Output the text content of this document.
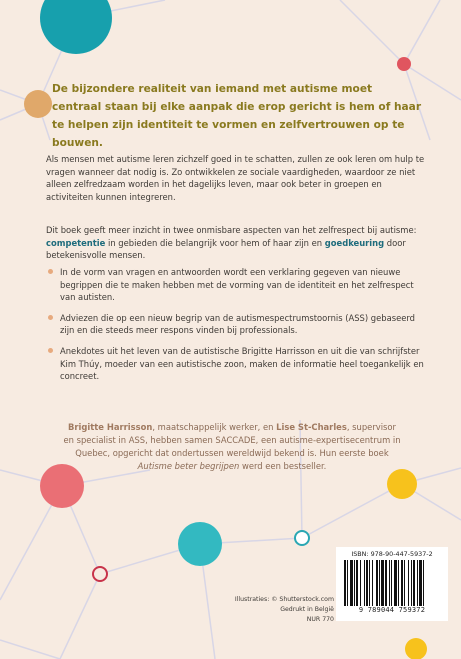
De bijzondere realiteit van iemand met autisme moet centraal staan bij elke aanpak die erop gericht is hem of haar te helpen zijn identiteit te vormen en zelfvertrouwen op te bouwen.

Als mensen met autisme leren zichzelf goed in te schatten, zullen ze ook leren om hulp te vragen wanneer dat nodig is. Zo ontwikkelen ze sociale vaardigheden, waardoor ze niet alleen zelfredzaam worden in het dagelijks leven, maar ook beter in groepen en activiteiten kunnen integreren.

Dit boek geeft meer inzicht in twee onmisbare aspecten van het zelfrespect bij autisme: competentie in gebieden die belangrijk voor hem of haar zijn en goedkeuring door betekenisvolle mensen.

In de vorm van vragen en antwoorden wordt een verklaring gegeven van nieuwe begrippen die te maken hebben met de vorming van de identiteit en het zelfrespect van autisten.
Adviezen die op een nieuw begrip van de autismespectrumstoornis (ASS) gebaseerd zijn en die steeds meer respons vinden bij professionals.
Anekdotes uit het leven van de autistische Brigitte Harrisson en uit die van schrijfster Kim Thúy, moeder van een autistische zoon, maken de informatie heel toegankelijk en concreet.

Brigitte Harrisson, maatschappelijk werker, en Lise St-Charles, supervisor en specialist in ASS, hebben samen SACCADE, een autisme-expertisecentrum in Quebec, opgericht dat ondertussen wereldwijd bekend is. Hun eerste boek Autisme beter begrijpen werd een bestseller.

Illustraties: © Shutterstock.com
Gedrukt in België
NUR 770
ISBN: 978-90-447-5937-2
9 789044 759372
